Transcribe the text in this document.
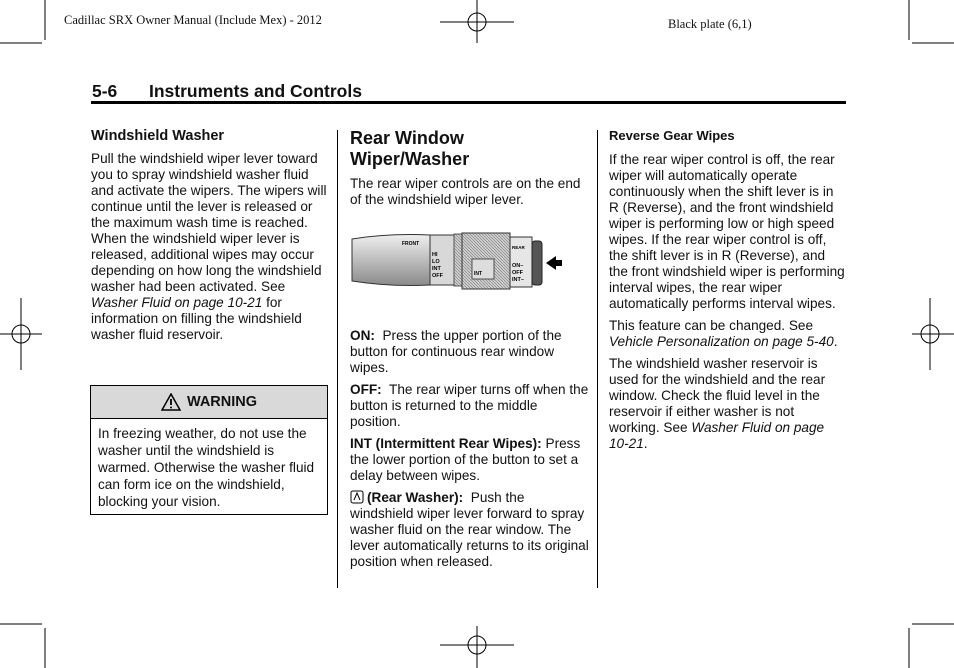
Cadillac SRX Owner Manual (Include Mex) - 2012	Black plate (6,1)
5-6 Instruments and Controls
Windshield Washer

Pull the windshield wiper lever toward you to spray windshield washer fluid and activate the wipers. The wipers will continue until the lever is released or the maximum wash time is reached. When the windshield wiper lever is released, additional wipes may occur depending on how long the windshield washer had been activated. See Washer Fluid on page 10-21 for information on filling the windshield washer fluid reservoir.

WARNING
In freezing weather, do not use the washer until the windshield is warmed. Otherwise the washer fluid can form ice on the windshield, blocking your vision.
Rear Window Wiper/Washer

The rear wiper controls are on the end of the windshield wiper lever.

FRONT
HI
LO
INT
OFF	INT
REAR
ON–
OFF
INT–

ON: Press the upper portion of the button for continuous rear window wipes.

OFF: The rear wiper turns off when the button is returned to the middle position.

INT (Intermittent Rear Wipes): Press the lower portion of the button to set a delay between wipes.

(Rear Washer): Push the windshield wiper lever forward to spray washer fluid on the rear window. The lever automatically returns to its original position when released.

Reverse Gear Wipes

If the rear wiper control is off, the rear wiper will automatically operate continuously when the shift lever is in R (Reverse), and the front windshield wiper is performing low or high speed wipes. If the rear wiper control is off, the shift lever is in R (Reverse), and the front windshield wiper is performing interval wipes, the rear wiper automatically performs interval wipes.

This feature can be changed. See Vehicle Personalization on page 5-40.

The windshield washer reservoir is used for the windshield and the rear window. Check the fluid level in the reservoir if either washer is not working. See Washer Fluid on page 10-21.
